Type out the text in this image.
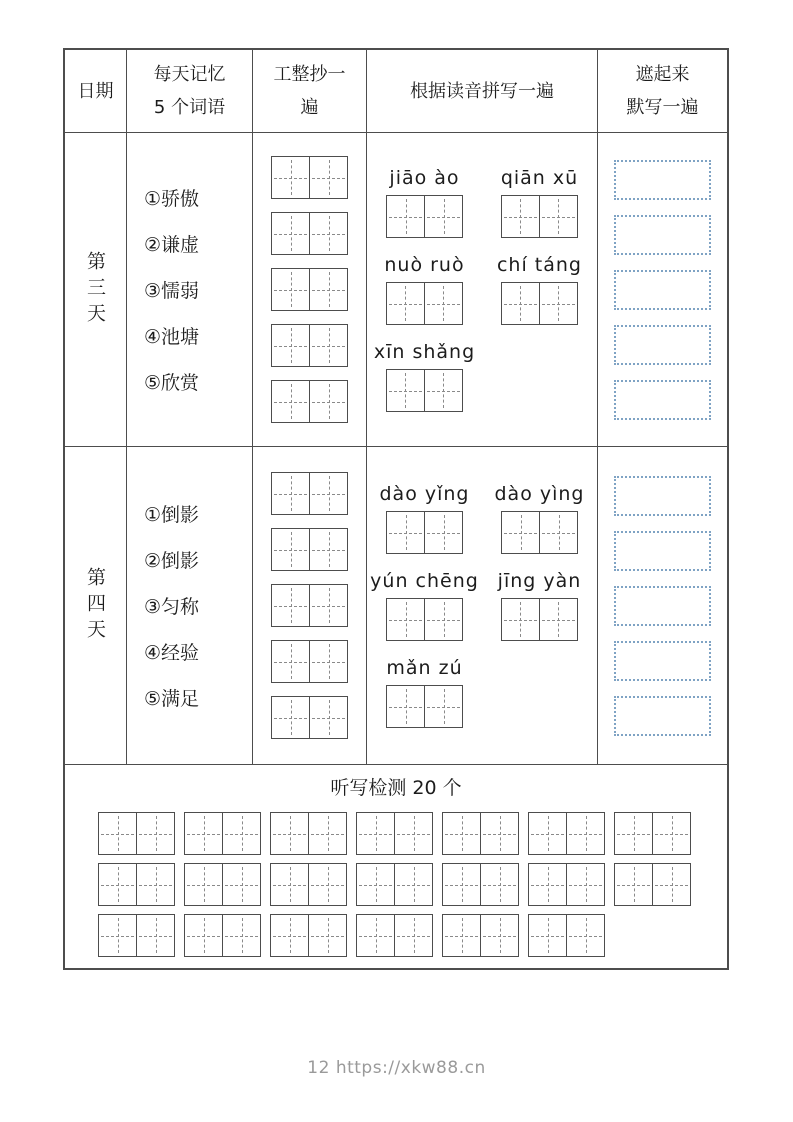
日期
每天记忆
5 个词语
工整抄一
遍
根据读音拼写一遍
遮起来
默写一遍
第三天
①骄傲
②谦虚
③懦弱
④池塘
⑤欣赏
jiāo ào qiān xū
nuò ruò chí táng
xīn shǎng
第四天
①倒影
②倒影
③匀称
④经验
⑤满足
dào yǐng dào yìng
yún chēng jīng yàn
mǎn zú
听写检测 20 个
12 https://xkw88.cn
